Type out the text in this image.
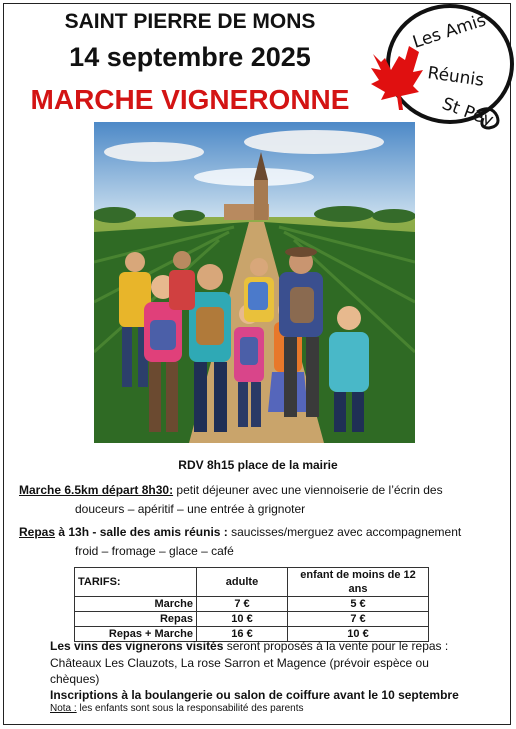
SAINT PIERRE DE MONS
14 septembre 2025
MARCHE VIGNERONNE
Les Amis
Réunis
St Pey
RDV 8h15 place de la mairie
Marche 6.5km départ 8h30: petit déjeuner avec une viennoiserie de l’écrin des
douceurs – apéritif – une entrée à grignoter
Repas à 13h - salle des amis réunis : saucisses/merguez avec accompagnement
froid – fromage – glace – café
TARIFS:	adulte	enfant de moins de 12 ans
Marche	7 €	5 €
Repas	10 €	7 €
Repas + Marche	16 €	10 €
Les vins des vignerons visités seront proposés à la vente pour le repas :
Châteaux Les Clauzots, La rose Sarron et Magence (prévoir espèce ou
chèques)
Inscriptions à la boulangerie ou salon de coiffure avant le 10 septembre
Nota : les enfants sont sous la responsabilité des parents
